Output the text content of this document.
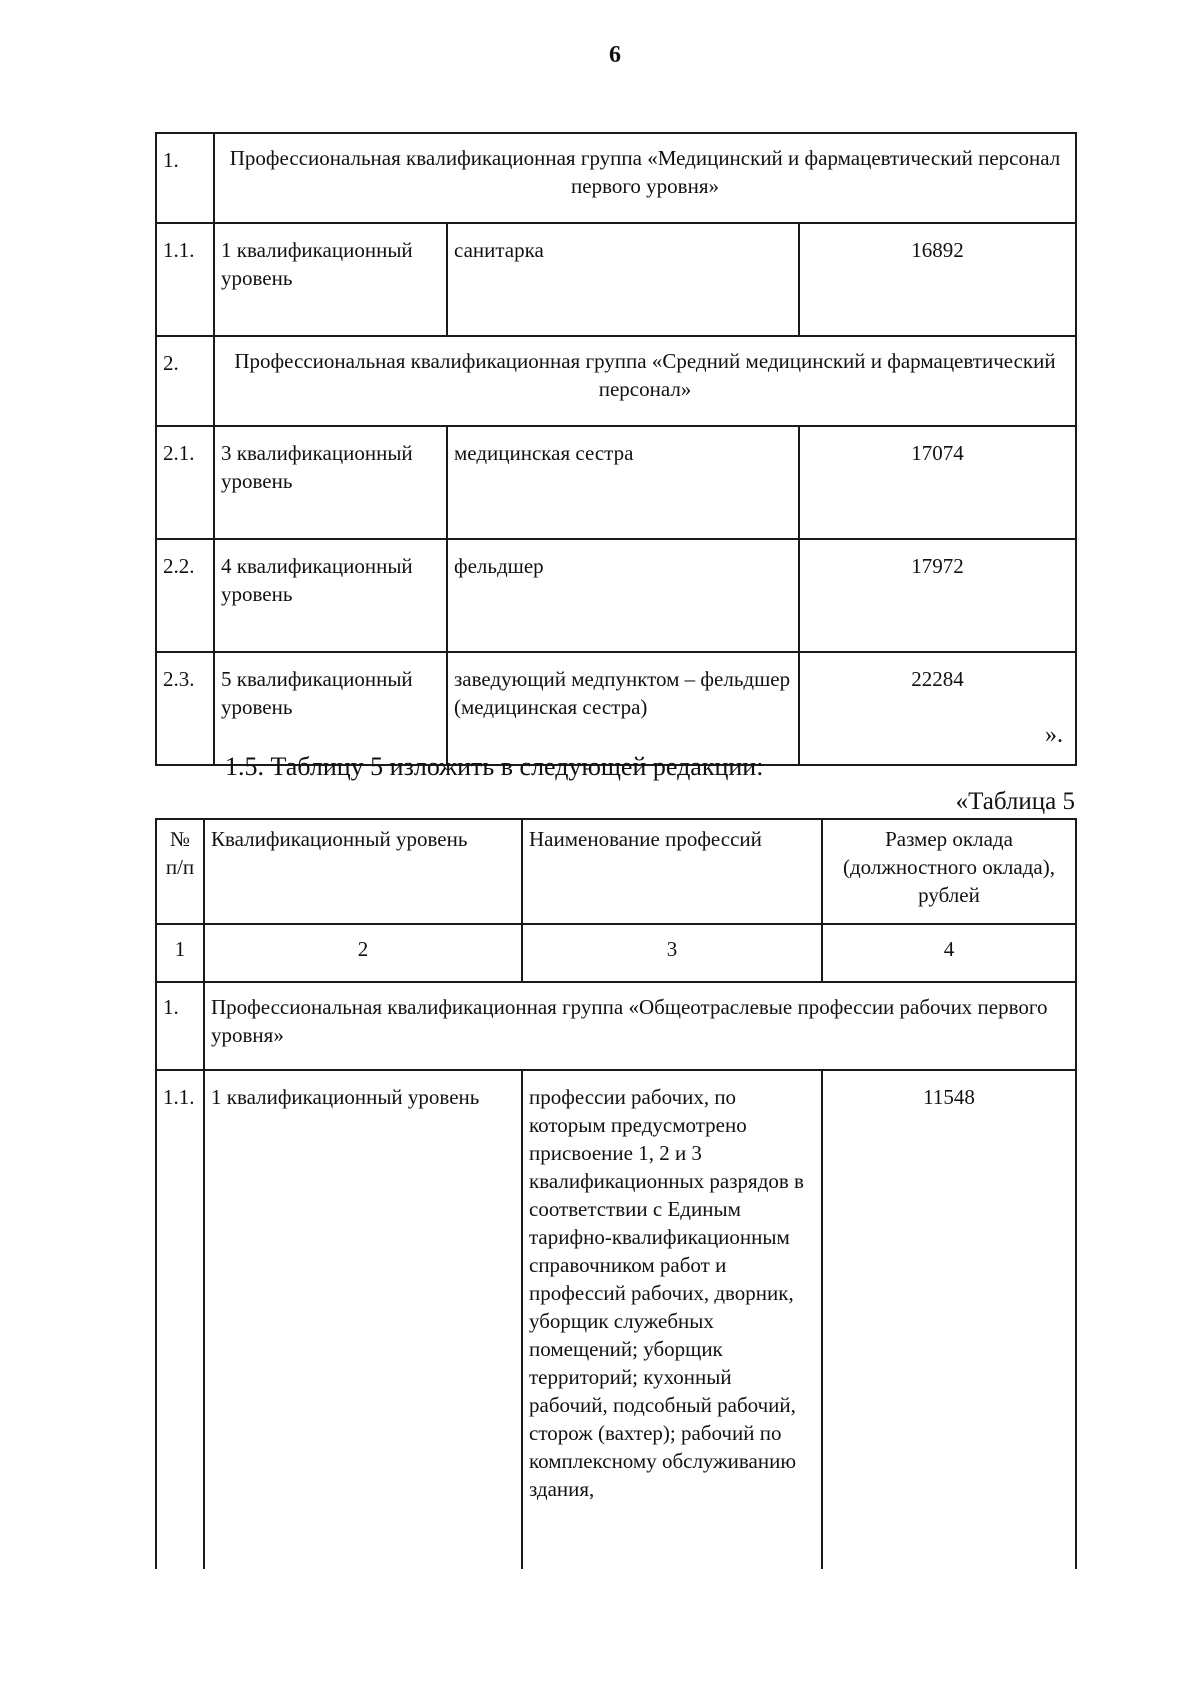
6
1.	Профессиональная квалификационная группа «Медицинский и фармацевтический персонал первого уровня»		
1.1.	1 квалификационный уровень	санитарка	16892
2.	Профессиональная квалификационная группа «Средний медицинский и фармацевтический персонал»		
2.1.	3 квалификационный уровень	медицинская сестра	17074
2.2.	4 квалификационный уровень	фельдшер	17972
2.3.	5 квалификационный уровень	заведующий медпунктом – фельдшер (медицинская сестра)	22284
».
1.5. Таблицу 5 изложить в следующей редакции:
«Таблица 5
№ п/п	Квалификационный уровень	Наименование профессий	Размер оклада (должностного оклада), рублей
1	2	3	4
1.	Профессиональная квалификационная группа «Общеотраслевые профессии рабочих первого уровня»		
1.1.	1 квалификационный уровень	профессии рабочих, по которым предусмотрено присвоение 1, 2 и 3 квалификационных разрядов в соответствии с Единым тарифно-квалификационным справочником работ и профессий рабочих, дворник, уборщик служебных помещений; уборщик территорий; кухонный рабочий, подсобный рабочий, сторож (вахтер); рабочий по комплексному обслуживанию здания,	11548
